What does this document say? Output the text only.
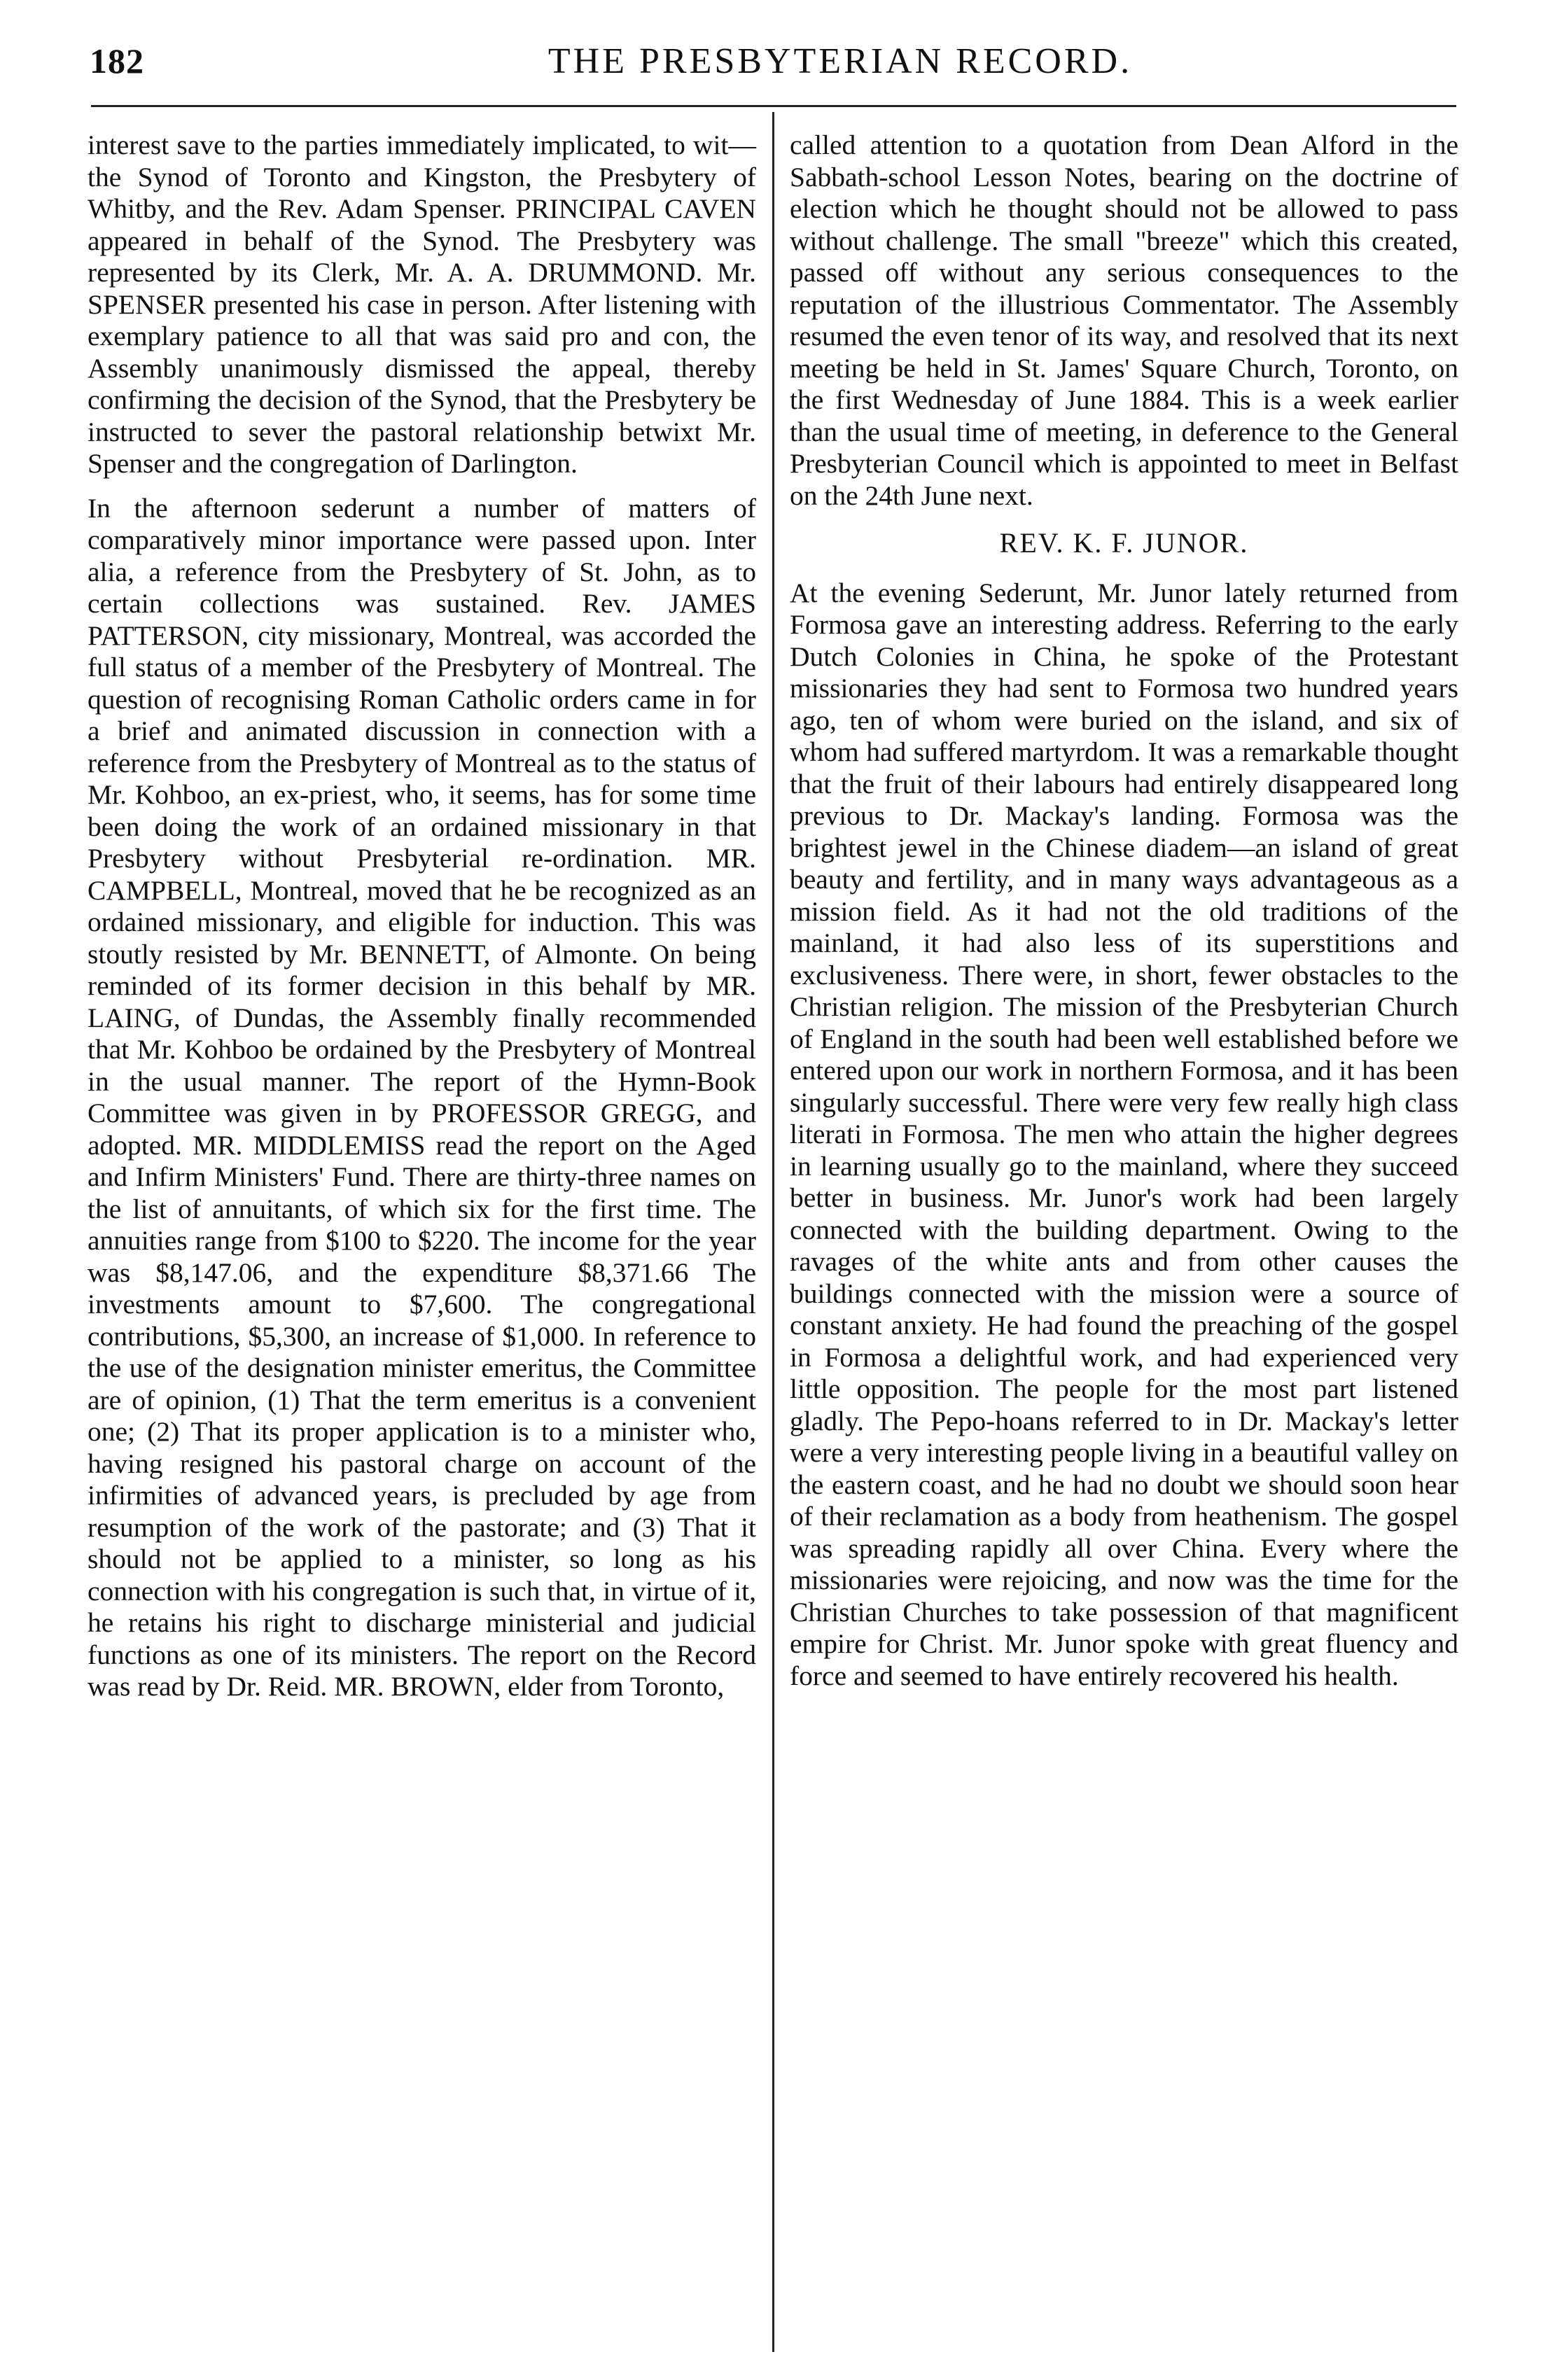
182	THE PRESBYTERIAN RECORD.

interest save to the parties immediately implicated, to wit—the Synod of Toronto and Kingston, the Presbytery of Whitby, and the Rev. Adam Spenser. PRINCIPAL CAVEN appeared in behalf of the Synod. The Presbytery was represented by its Clerk, Mr. A. A. DRUMMOND. Mr. SPENSER presented his case in person. After listening with exemplary patience to all that was said pro and con, the Assembly unanimously dismissed the appeal, thereby confirming the decision of the Synod, that the Presbytery be instructed to sever the pastoral relationship betwixt Mr. Spenser and the congregation of Darlington.

In the afternoon sederunt a number of matters of comparatively minor importance were passed upon. Inter alia, a reference from the Presbytery of St. John, as to certain collections was sustained. Rev. JAMES PATTERSON, city missionary, Montreal, was accorded the full status of a member of the Presbytery of Montreal. The question of recognising Roman Catholic orders came in for a brief and animated discussion in connection with a reference from the Presbytery of Montreal as to the status of Mr. Kohboo, an ex-priest, who, it seems, has for some time been doing the work of an ordained missionary in that Presbytery without Presbyterial re-ordination. MR. CAMPBELL, Montreal, moved that he be recognized as an ordained missionary, and eligible for induction. This was stoutly resisted by Mr. BENNETT, of Almonte. On being reminded of its former decision in this behalf by MR. LAING, of Dundas, the Assembly finally recommended that Mr. Kohboo be ordained by the Presbytery of Montreal in the usual manner. The report of the Hymn-Book Committee was given in by PROFESSOR GREGG, and adopted. MR. MIDDLEMISS read the report on the Aged and Infirm Ministers' Fund. There are thirty-three names on the list of annuitants, of which six for the first time. The annuities range from $100 to $220. The income for the year was $8,147.06, and the expenditure $8,371.66 The investments amount to $7,600. The congregational contributions, $5,300, an increase of $1,000. In reference to the use of the designation minister emeritus, the Committee are of opinion, (1) That the term emeritus is a convenient one; (2) That its proper application is to a minister who, having resigned his pastoral charge on account of the infirmities of advanced years, is precluded by age from resumption of the work of the pastorate; and (3) That it should not be applied to a minister, so long as his connection with his congregation is such that, in virtue of it, he retains his right to discharge ministerial and judicial functions as one of its ministers. The report on the Record was read by Dr. Reid. MR. BROWN, elder from Toronto,

called attention to a quotation from Dean Alford in the Sabbath-school Lesson Notes, bearing on the doctrine of election which he thought should not be allowed to pass without challenge. The small "breeze" which this created, passed off without any serious consequences to the reputation of the illustrious Commentator. The Assembly resumed the even tenor of its way, and resolved that its next meeting be held in St. James' Square Church, Toronto, on the first Wednesday of June 1884. This is a week earlier than the usual time of meeting, in deference to the General Presbyterian Council which is appointed to meet in Belfast on the 24th June next.

REV. K. F. JUNOR.

At the evening Sederunt, Mr. Junor lately returned from Formosa gave an interesting address. Referring to the early Dutch Colonies in China, he spoke of the Protestant missionaries they had sent to Formosa two hundred years ago, ten of whom were buried on the island, and six of whom had suffered martyrdom. It was a remarkable thought that the fruit of their labours had entirely disappeared long previous to Dr. Mackay's landing. Formosa was the brightest jewel in the Chinese diadem—an island of great beauty and fertility, and in many ways advantageous as a mission field. As it had not the old traditions of the mainland, it had also less of its superstitions and exclusiveness. There were, in short, fewer obstacles to the Christian religion. The mission of the Presbyterian Church of England in the south had been well established before we entered upon our work in northern Formosa, and it has been singularly successful. There were very few really high class literati in Formosa. The men who attain the higher degrees in learning usually go to the mainland, where they succeed better in business. Mr. Junor's work had been largely connected with the building department. Owing to the ravages of the white ants and from other causes the buildings connected with the mission were a source of constant anxiety. He had found the preaching of the gospel in Formosa a delightful work, and had experienced very little opposition. The people for the most part listened gladly. The Pepo-hoans referred to in Dr. Mackay's letter were a very interesting people living in a beautiful valley on the eastern coast, and he had no doubt we should soon hear of their reclamation as a body from heathenism. The gospel was spreading rapidly all over China. Every where the missionaries were rejoicing, and now was the time for the Christian Churches to take possession of that magnificent empire for Christ. Mr. Junor spoke with great fluency and force and seemed to have entirely recovered his health.
